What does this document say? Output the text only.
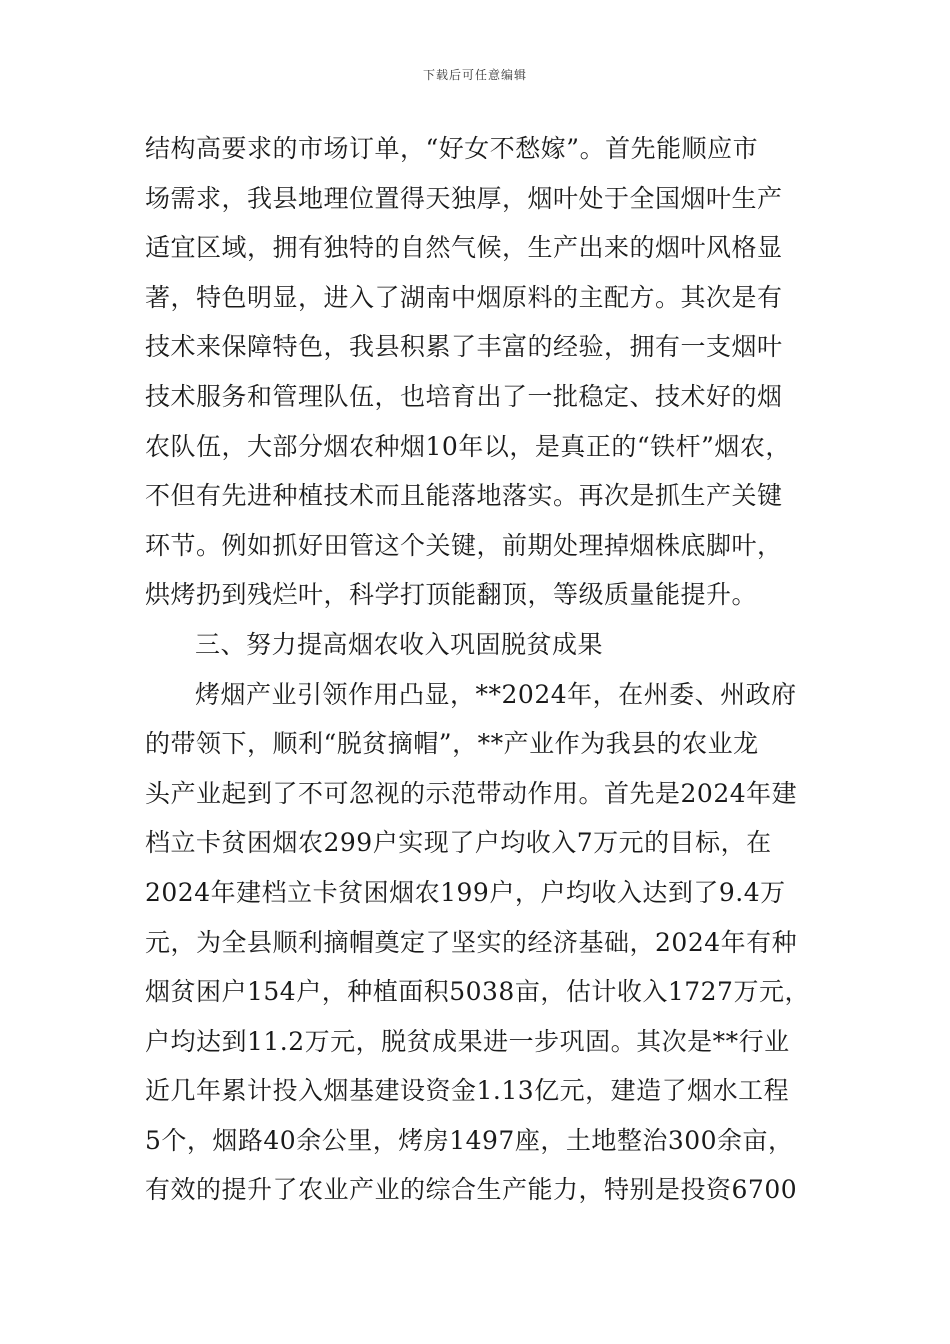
下载后可任意编辑
结构高要求的市场订单，“好女不愁嫁”。首先能顺应市
场需求，我县地理位置得天独厚，烟叶处于全国烟叶生产
适宜区域，拥有独特的自然气候，生产出来的烟叶风格显
著，特色明显，进入了湖南中烟原料的主配方。其次是有
技术来保障特色，我县积累了丰富的经验，拥有一支烟叶
技术服务和管理队伍，也培育出了一批稳定、技术好的烟
农队伍，大部分烟农种烟10年以，是真正的“铁杆”烟农，
不但有先进种植技术而且能落地落实。再次是抓生产关键
环节。例如抓好田管这个关键，前期处理掉烟株底脚叶，
烘烤扔到残烂叶，科学打顶能翻顶，等级质量能提升。
三、努力提高烟农收入巩固脱贫成果
烤烟产业引领作用凸显，**2024年，在州委、州政府
的带领下，顺利“脱贫摘帽”，**产业作为我县的农业龙
头产业起到了不可忽视的示范带动作用。首先是2024年建
档立卡贫困烟农299户实现了户均收入7万元的目标，在
2024年建档立卡贫困烟农199户，户均收入达到了9.4万
元，为全县顺利摘帽奠定了坚实的经济基础，2024年有种
烟贫困户154户，种植面积5038亩，估计收入1727万元，
户均达到11.2万元，脱贫成果进一步巩固。其次是**行业
近几年累计投入烟基建设资金1.13亿元，建造了烟水工程
5个，烟路40余公里，烤房1497座，土地整治300余亩，
有效的提升了农业产业的综合生产能力，特别是投资6700
